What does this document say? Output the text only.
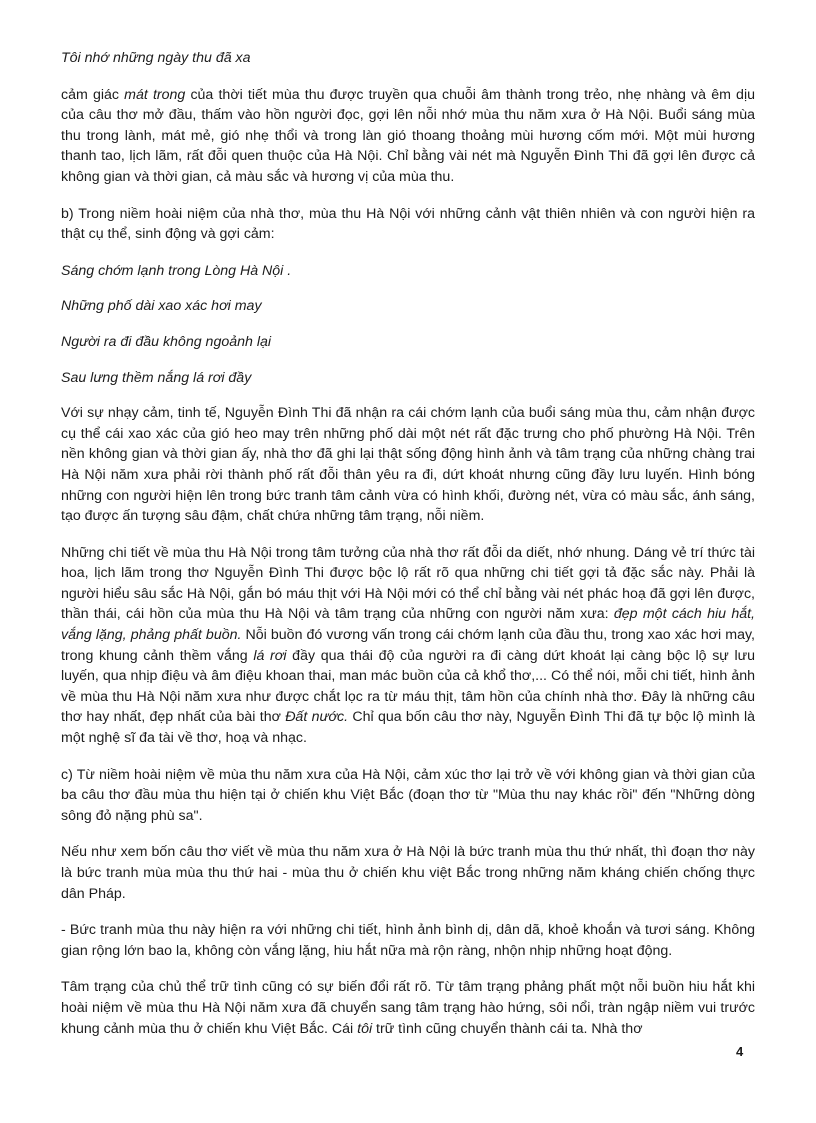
Tôi nhớ những ngày thu đã xa

cảm giác mát trong của thời tiết mùa thu được truyền qua chuỗi âm thành trong trẻo, nhẹ nhàng và êm dịu của câu thơ mở đầu, thấm vào hồn người đọc, gợi lên nỗi nhớ mùa thu năm xưa ở Hà Nội. Buổi sáng mùa thu trong lành, mát mẻ, gió nhẹ thổi và trong làn gió thoang thoảng mùi hương cốm mới. Một mùi hương thanh tao, lịch lãm, rất đỗi quen thuộc của Hà Nội. Chỉ bằng vài nét mà Nguyễn Đình Thi đã gợi lên được cả không gian và thời gian, cả màu sắc và hương vị của mùa thu.

b) Trong niềm hoài niệm của nhà thơ, mùa thu Hà Nội với những cảnh vật thiên nhiên và con người hiện ra thật cụ thể, sinh động và gợi cảm:

Sáng chớm lạnh trong Lòng Hà Nội .

Những phố dài xao xác hơi may

Người ra đi đầu không ngoảnh lại

Sau lưng thềm nắng lá rơi đầy

Với sự nhạy cảm, tinh tế, Nguyễn Đình Thi đã nhận ra cái chớm lạnh của buổi sáng mùa thu, cảm nhận được cụ thể cái xao xác của gió heo may trên những phố dài một nét rất đặc trưng cho phố phường Hà Nội. Trên nền không gian và thời gian ấy, nhà thơ đã ghi lại thật sống động hình ảnh và tâm trạng của những chàng trai Hà Nội năm xưa phải rời thành phố rất đỗi thân yêu ra đi, dứt khoát nhưng cũng đầy lưu luyến. Hình bóng những con người hiện lên trong bức tranh tâm cảnh vừa có hình khối, đường nét, vừa có màu sắc, ánh sáng, tạo được ấn tượng sâu đậm, chất chứa những tâm trạng, nỗi niềm.

Những chi tiết về mùa thu Hà Nội trong tâm tưởng của nhà thơ rất đỗi da diết, nhớ nhung. Dáng vẻ trí thức tài hoa, lịch lãm trong thơ Nguyễn Đình Thi được bộc lộ rất rõ qua những chi tiết gợi tả đặc sắc này. Phải là người hiểu sâu sắc Hà Nội, gắn bó máu thịt với Hà Nội mới có thể chỉ bằng vài nét phác hoạ đã gợi lên được, thần thái, cái hồn của mùa thu Hà Nội và tâm trạng của những con người năm xưa: đẹp một cách hiu hắt, vắng lặng, phảng phất buồn. Nỗi buồn đó vương vấn trong cái chớm lạnh của đầu thu, trong xao xác hơi may, trong khung cảnh thềm vắng lá rơi đầy qua thái độ của người ra đi càng dứt khoát lại càng bộc lộ sự lưu luyến, qua nhịp điệu và âm điệu khoan thai, man mác buồn của cả khổ thơ,... Có thể nói, mỗi chi tiết, hình ảnh về mùa thu Hà Nội năm xưa như được chắt lọc ra từ máu thịt, tâm hồn của chính nhà thơ. Đây là những câu thơ hay nhất, đẹp nhất của bài thơ Đất nước. Chỉ qua bốn câu thơ này, Nguyễn Đình Thi đã tự bộc lộ mình là một nghệ sĩ đa tài về thơ, hoạ và nhạc.

c) Từ niềm hoài niệm về mùa thu năm xưa của Hà Nội, cảm xúc thơ lại trở về với không gian và thời gian của ba câu thơ đầu mùa thu hiện tại ở chiến khu Việt Bắc (đoạn thơ từ "Mùa thu nay khác rồi" đến "Những dòng sông đỏ nặng phù sa".

Nếu như xem bốn câu thơ viết về mùa thu năm xưa ở Hà Nội là bức tranh mùa thu thứ nhất, thì đoạn thơ này là bức tranh mùa mùa thu thứ hai - mùa thu ở chiến khu việt Bắc trong những năm kháng chiến chống thực dân Pháp.

- Bức tranh mùa thu này hiện ra với những chi tiết, hình ảnh bình dị, dân dã, khoẻ khoắn và tươi sáng. Không gian rộng lớn bao la, không còn vắng lặng, hiu hắt nữa mà rộn ràng, nhộn nhịp những hoạt động.

Tâm trạng của chủ thể trữ tình cũng có sự biến đổi rất rõ. Từ tâm trạng phảng phất một nỗi buồn hiu hắt khi hoài niệm về mùa thu Hà Nội năm xưa đã chuyển sang tâm trạng hào hứng, sôi nổi, tràn ngập niềm vui trước khung cảnh mùa thu ở chiến khu Việt Bắc. Cái tôi trữ tình cũng chuyển thành cái ta. Nhà thơ

4
